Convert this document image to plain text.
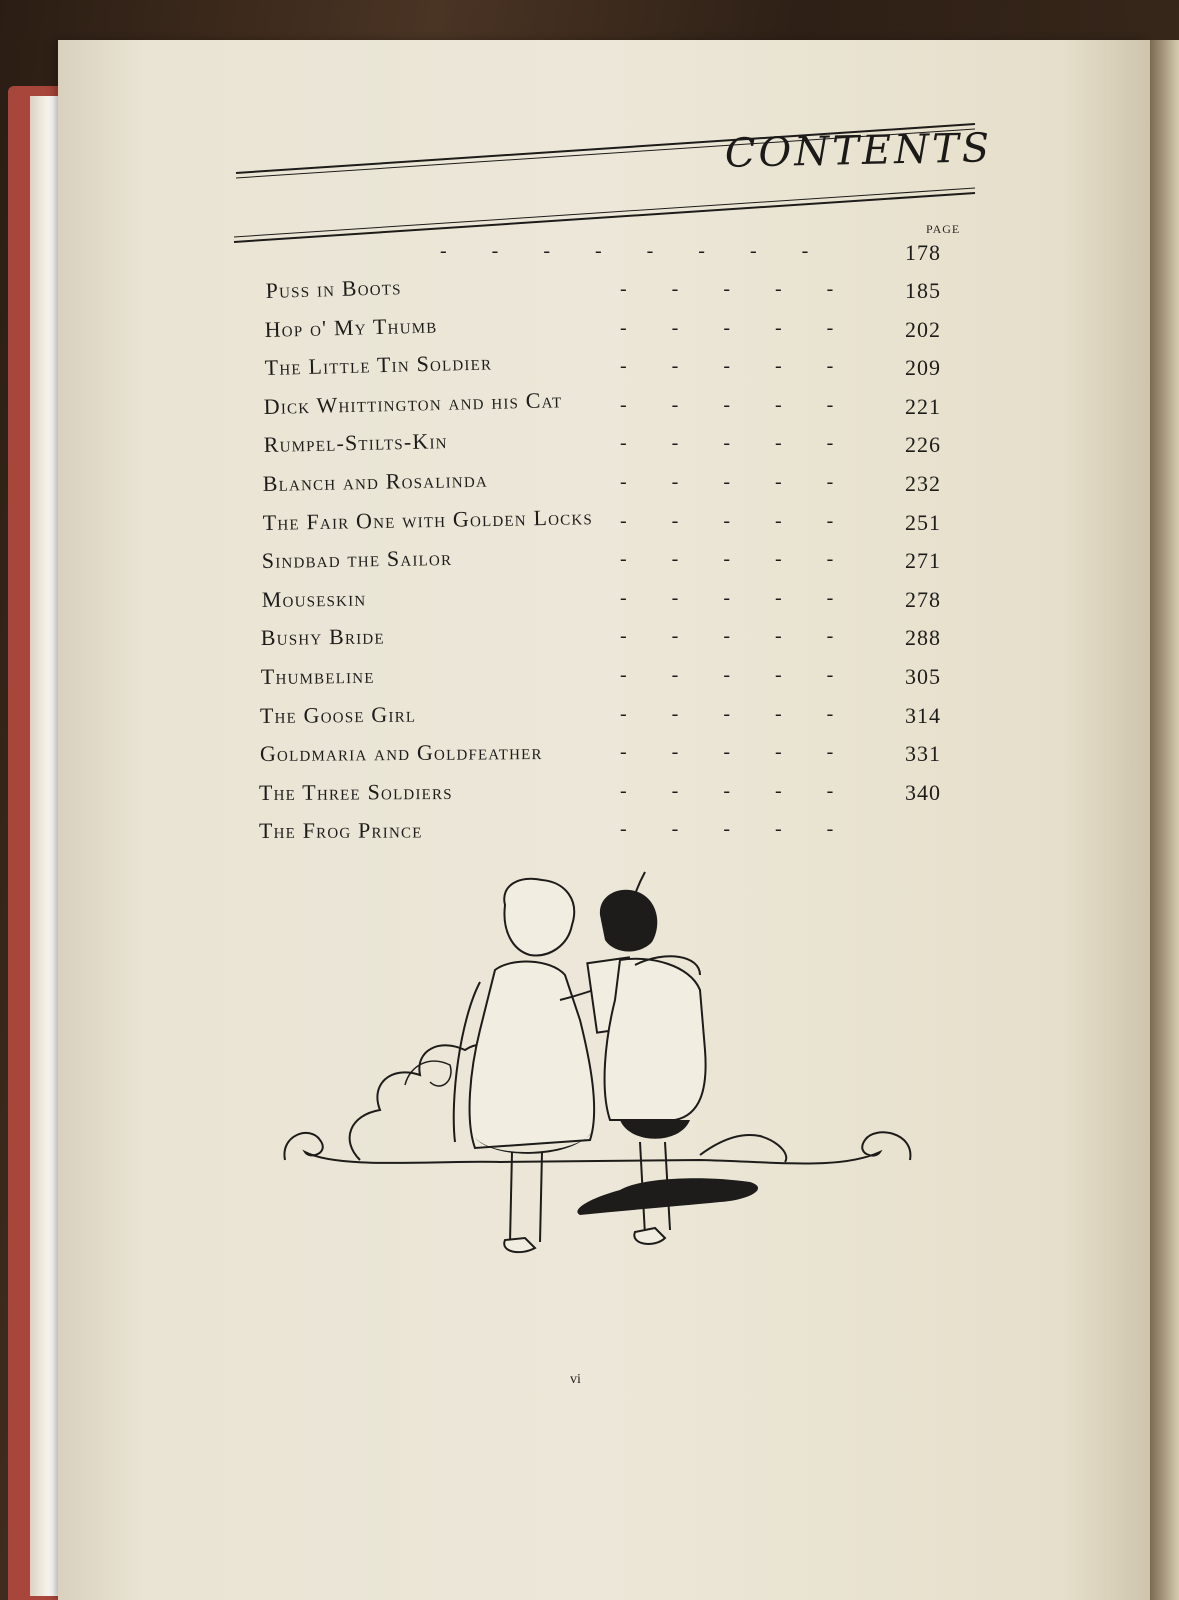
CONTENTS
PAGE
- - - - - - - -	178
Puss in Boots	- - - - -	185
Hop o' My Thumb	- - - - -	202
The Little Tin Soldier	- - - - -	209
Dick Whittington and his Cat	- - - - -	221
Rumpel-Stilts-Kin	- - - - -	226
Blanch and Rosalinda	- - - - -	232
The Fair One with Golden Locks - - - - -	251
Sindbad the Sailor	- - - - -	271
Mouseskin	- - - - -	278
Bushy Bride	- - - - -	288
Thumbeline	- - - - -	305
The Goose Girl	- - - - -	314
Goldmaria and Goldfeather	- - - - -	331
The Three Soldiers	- - - - -	340
The Frog Prince	- - - - -
vi
